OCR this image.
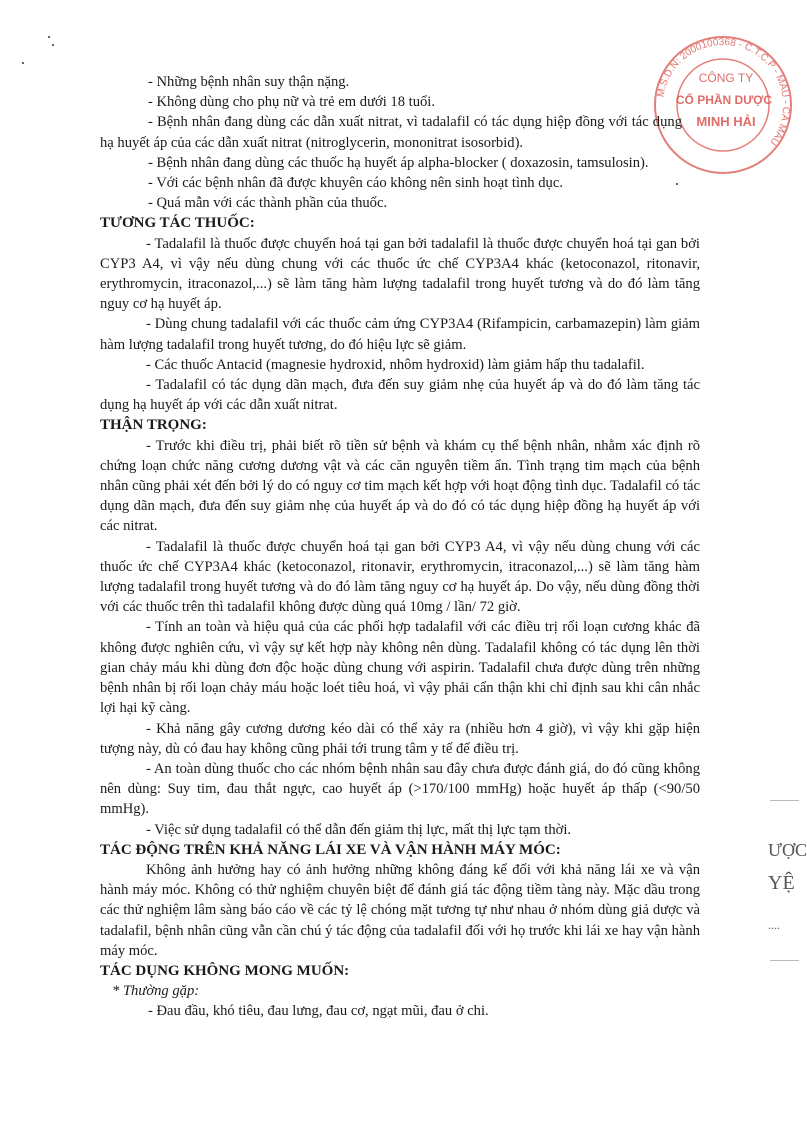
M.S.D.N: 2000100368 - C.T.C.P - MAU - CÀ MAU
CÔNG TY
CỔ PHẦN DƯỢC
MINH HẢI
ƯỢC
YỆ
....

- Những bệnh nhân suy thận nặng.

- Không dùng cho phụ nữ và trẻ em dưới 18 tuổi.

- Bệnh nhân đang dùng các dẫn xuất nitrat, vì tadalafil có tác dụng hiệp đồng với tác dụng hạ huyết áp của các dẫn xuất nitrat (nitroglycerin, mononitrat isosorbid).

- Bệnh nhân đang dùng các thuốc hạ huyết áp alpha-blocker ( doxazosin, tamsulosin).

- Với các bệnh nhân đã được khuyên cáo không nên sinh hoạt tình dục.

- Quá mẫn với các thành phần của thuốc.

TƯƠNG TÁC THUỐC:

- Tadalafil là thuốc được chuyển hoá tại gan bởi tadalafil là thuốc được chuyển hoá tại gan bởi CYP3 A4, vì vậy nếu dùng chung với các thuốc ức chế CYP3A4 khác (ketoconazol, ritonavir, erythromycin, itraconazol,...) sẽ làm tăng hàm lượng tadalafil trong huyết tương và do đó làm tăng nguy cơ hạ huyết áp.

- Dùng chung tadalafil với các thuốc cảm ứng CYP3A4 (Rifampicin, carbamazepin) làm giảm hàm lượng tadalafil trong huyết tương, do đó hiệu lực sẽ giảm.

- Các thuốc Antacid (magnesie hydroxid, nhôm hydroxid) làm giảm hấp thu tadalafil.

- Tadalafil có tác dụng dãn mạch, đưa đến suy giảm nhẹ của huyết áp và do đó làm tăng tác dụng hạ huyết áp với các dẫn xuất nitrat.

THẬN TRỌNG:

- Trước khi điều trị, phải biết rõ tiền sử bệnh và khám cụ thể bệnh nhân, nhằm xác định rõ chứng loạn chức năng cương dương vật và các căn nguyên tiềm ẩn. Tình trạng tim mạch của bệnh nhân cũng phải xét đến bởi lý do có nguy cơ tim mạch kết hợp với hoạt động tình dục. Tadalafil có tác dụng dãn mạch, đưa đến suy giảm nhẹ của huyết áp và do đó có tác dụng hiệp đồng hạ huyết áp với các nitrat.

- Tadalafil là thuốc được chuyển hoá tại gan bởi CYP3 A4, vì vậy nếu dùng chung với các thuốc ức chế CYP3A4 khác (ketoconazol, ritonavir, erythromycin, itraconazol,...) sẽ làm tăng hàm lượng tadalafil trong huyết tương và do đó làm tăng nguy cơ hạ huyết áp. Do vậy, nếu dùng đồng thời với các thuốc trên thì tadalafil không được dùng quá 10mg / lần/ 72 giờ.

- Tính an toàn và hiệu quả của các phối hợp tadalafil với các điều trị rối loạn cương khác đã không được nghiên cứu, vì vậy sự kết hợp này không nên dùng. Tadalafil không có tác dụng lên thời gian chảy máu khi dùng đơn độc hoặc dùng chung với aspirin. Tadalafil chưa được dùng trên những bệnh nhân bị rối loạn chảy máu hoặc loét tiêu hoá, vì vậy phải cẩn thận khi chỉ định sau khi cân nhắc lợi hại kỹ càng.

- Khả năng gây cương dương kéo dài có thể xảy ra (nhiều hơn 4 giờ), vì vậy khi gặp hiện tượng này, dù có đau hay không cũng phải tới trung tâm y tế để điều trị.

- An toàn dùng thuốc cho các nhóm bệnh nhân sau đây chưa được đánh giá, do đó cũng không nên dùng: Suy tim, đau thắt ngực, cao huyết áp (>170/100 mmHg) hoặc huyết áp thấp (<90/50 mmHg).

- Việc sử dụng tadalafil có thể dẫn đến giảm thị lực, mất thị lực tạm thời.

TÁC ĐỘNG TRÊN KHẢ NĂNG LÁI XE VÀ VẬN HÀNH MÁY MÓC:

Không ảnh hưởng hay có ảnh hưởng những không đáng kể đối với khả năng lái xe và vận hành máy móc. Không có thử nghiệm chuyên biệt để đánh giá tác động tiềm tàng này. Mặc dầu trong các thử nghiệm lâm sàng báo cáo về các tỷ lệ chóng mặt tương tự như nhau ở nhóm dùng giả dược và tadalafil, bệnh nhân cũng vẫn cần chú ý tác động của tadalafil đối với họ trước khi lái xe hay vận hành máy móc.

TÁC DỤNG KHÔNG MONG MUỐN:

* Thường gặp:

- Đau đầu, khó tiêu, đau lưng, đau cơ, ngạt mũi, đau ở chi.
